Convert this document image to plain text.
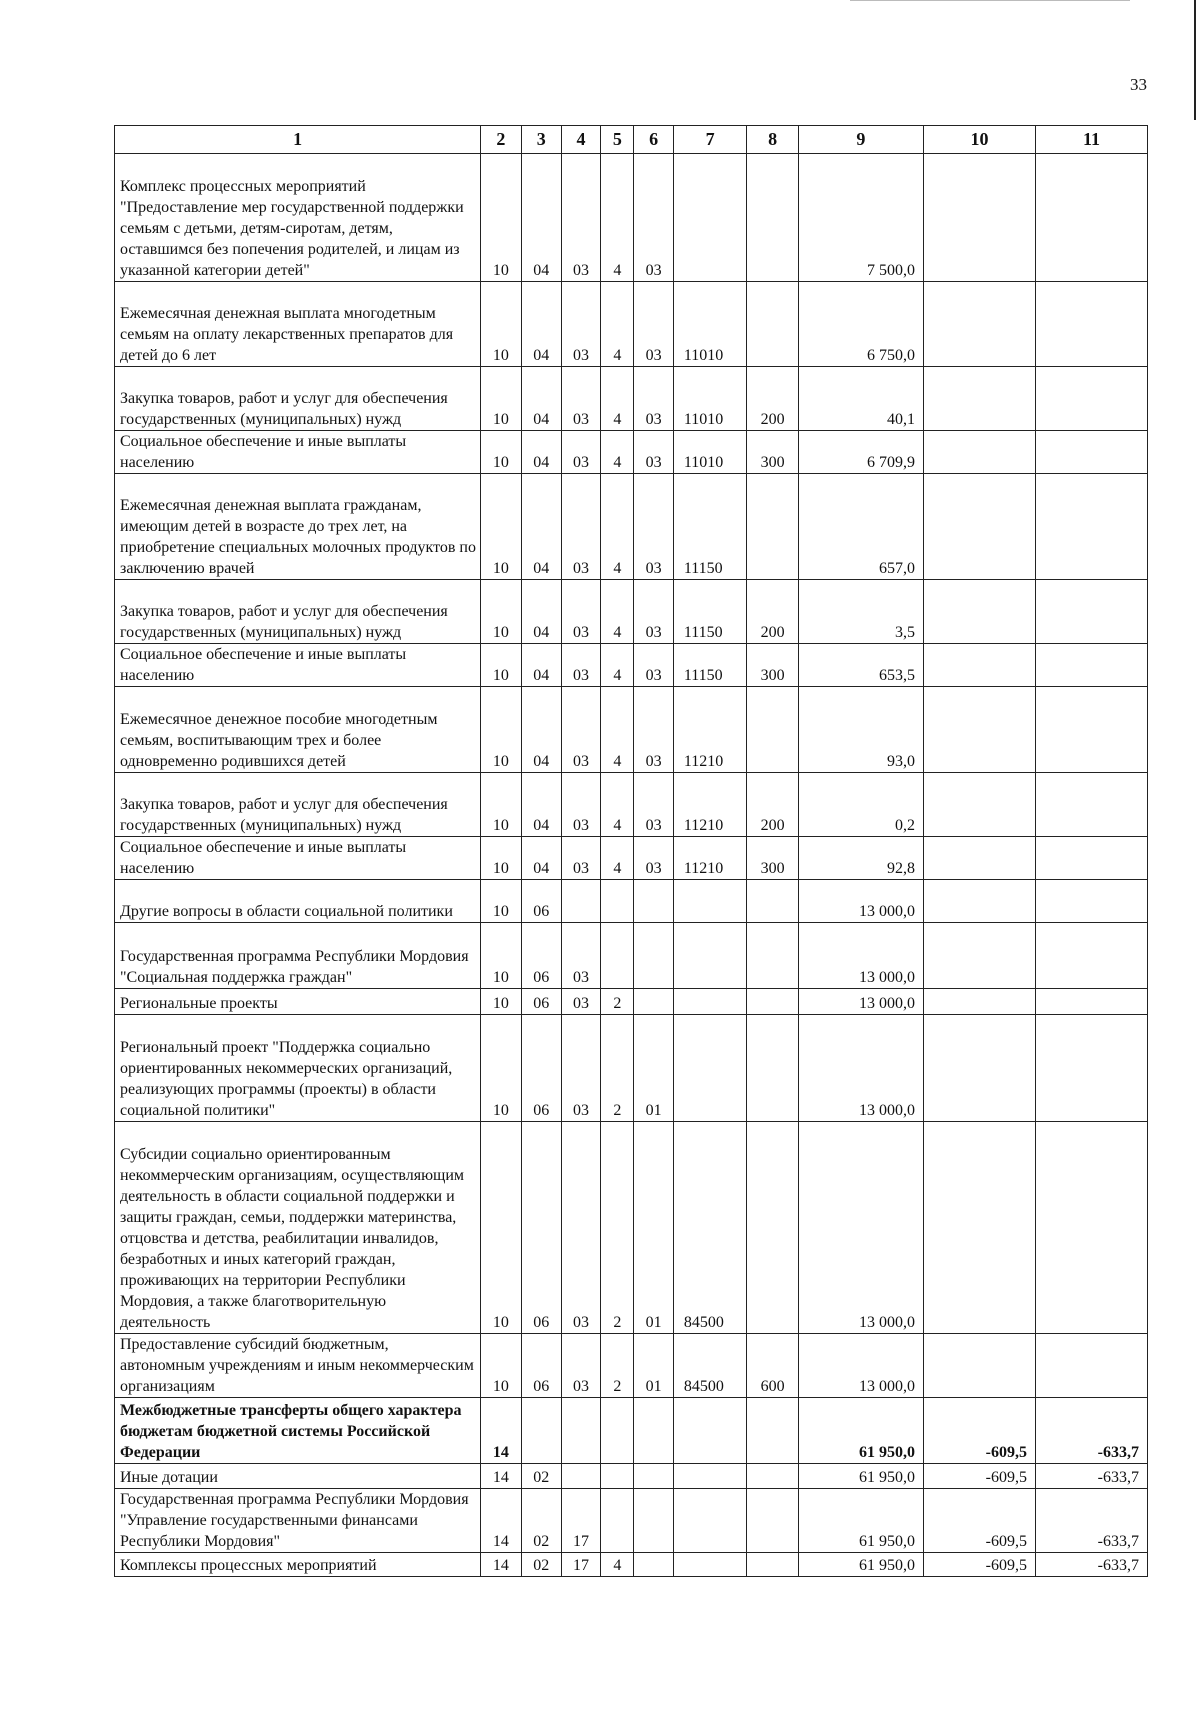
33
1	2	3	4	5	6	7	8	9	10	11
Комплекс процессных мероприятий "Предоставление мер государственной поддержки семьям с детьми, детям-сиротам, детям, оставшимся без попечения родителей, и лицам из указанной категории детей"	10	04	03	4	03			7 500,0		
Ежемесячная денежная выплата многодетным семьям на оплату лекарственных препаратов для детей до 6 лет	10	04	03	4	03	11010		6 750,0		
Закупка товаров, работ и услуг для обеспечения государственных (муниципальных) нужд	10	04	03	4	03	11010	200	40,1		
Социальное обеспечение и иные выплаты населению	10	04	03	4	03	11010	300	6 709,9		
Ежемесячная денежная выплата гражданам, имеющим детей в возрасте до трех лет, на приобретение специальных молочных продуктов по заключению врачей	10	04	03	4	03	11150		657,0		
Закупка товаров, работ и услуг для обеспечения государственных (муниципальных) нужд	10	04	03	4	03	11150	200	3,5		
Социальное обеспечение и иные выплаты населению	10	04	03	4	03	11150	300	653,5		
Ежемесячное денежное пособие многодетным семьям, воспитывающим трех и более одновременно родившихся детей	10	04	03	4	03	11210		93,0		
Закупка товаров, работ и услуг для обеспечения государственных (муниципальных) нужд	10	04	03	4	03	11210	200	0,2		
Социальное обеспечение и иные выплаты населению	10	04	03	4	03	11210	300	92,8		
Другие вопросы в области социальной политики	10	06						13 000,0		
Государственная программа Республики Мордовия "Социальная поддержка граждан"	10	06	03					13 000,0		
Региональные проекты	10	06	03	2				13 000,0		
Региональный проект "Поддержка социально ориентированных некоммерческих организаций, реализующих программы (проекты) в области социальной политики"	10	06	03	2	01			13 000,0		
Субсидии социально ориентированным некоммерческим организациям, осуществляющим деятельность в области социальной поддержки и защиты граждан, семьи, поддержки материнства, отцовства и детства, реабилитации инвалидов, безработных и иных категорий граждан, проживающих на территории Республики Мордовия, а также благотворительную деятельность	10	06	03	2	01	84500		13 000,0		
Предоставление субсидий бюджетным, автономным учреждениям и иным некоммерческим организациям	10	06	03	2	01	84500	600	13 000,0		
Межбюджетные трансферты общего характера бюджетам бюджетной системы Российской Федерации	14							61 950,0	-609,5	-633,7
Иные дотации	14	02						61 950,0	-609,5	-633,7
Государственная программа Республики Мордовия "Управление государственными финансами Республики Мордовия"	14	02	17					61 950,0	-609,5	-633,7
Комплексы процессных мероприятий	14	02	17	4				61 950,0	-609,5	-633,7
